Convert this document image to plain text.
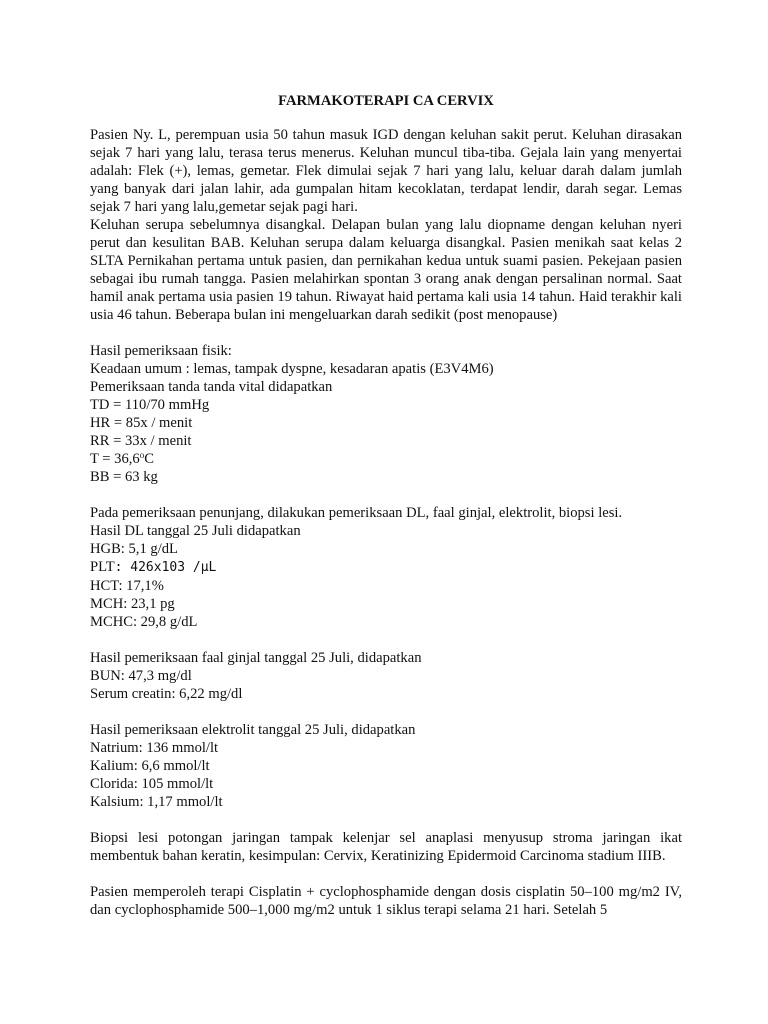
FARMAKOTERAPI CA CERVIX

Pasien Ny. L, perempuan usia 50 tahun masuk IGD dengan keluhan sakit perut. Keluhan dirasakan sejak 7 hari yang lalu, terasa terus menerus. Keluhan muncul tiba-tiba. Gejala lain yang menyertai adalah: Flek (+), lemas, gemetar. Flek dimulai sejak 7 hari yang lalu, keluar darah dalam jumlah yang banyak dari jalan lahir, ada gumpalan hitam kecoklatan, terdapat lendir, darah segar. Lemas sejak 7 hari yang lalu,gemetar sejak pagi hari.

Keluhan serupa sebelumnya disangkal. Delapan bulan yang lalu diopname dengan keluhan nyeri perut dan kesulitan BAB. Keluhan serupa dalam keluarga disangkal. Pasien menikah saat kelas 2 SLTA Pernikahan pertama untuk pasien, dan pernikahan kedua untuk suami pasien. Pekejaan pasien sebagai ibu rumah tangga. Pasien melahirkan spontan 3 orang anak dengan persalinan normal. Saat hamil anak pertama usia pasien 19 tahun. Riwayat haid pertama kali usia 14 tahun. Haid terakhir kali usia 46 tahun. Beberapa bulan ini mengeluarkan darah sedikit (post menopause)

Hasil pemeriksaan fisik:

Keadaan umum : lemas, tampak dyspne, kesadaran apatis (E3V4M6)

Pemeriksaan tanda tanda vital didapatkan

TD = 110/70 mmHg

HR = 85x / menit

RR = 33x / menit

$T = 36,6^oC$

BB = 63 kg

Pada pemeriksaan penunjang, dilakukan pemeriksaan DL, faal ginjal, elektrolit, biopsi lesi.

Hasil DL tanggal 25 Juli didapatkan

HGB: 5,1 g/dL

PLT: 426x103 /µL

HCT: 17,1%

MCH: 23,1 pg

MCHC: 29,8 g/dL

Hasil pemeriksaan faal ginjal tanggal 25 Juli, didapatkan

BUN: 47,3 mg/dl

Serum creatin: 6,22 mg/dl

Hasil pemeriksaan elektrolit tanggal 25 Juli, didapatkan

Natrium: 136 mmol/lt

Kalium: 6,6 mmol/lt

Clorida: 105 mmol/lt

Kalsium: 1,17 mmol/lt

Biopsi lesi potongan jaringan tampak kelenjar sel anaplasi menyusup stroma jaringan ikat membentuk bahan keratin, kesimpulan: Cervix, Keratinizing Epidermoid Carcinoma stadium IIIB.

Pasien memperoleh terapi Cisplatin + cyclophosphamide dengan dosis cisplatin 50–100 mg/m2 IV, dan cyclophosphamide 500–1,000 mg/m2 untuk 1 siklus terapi selama 21 hari. Setelah 5
